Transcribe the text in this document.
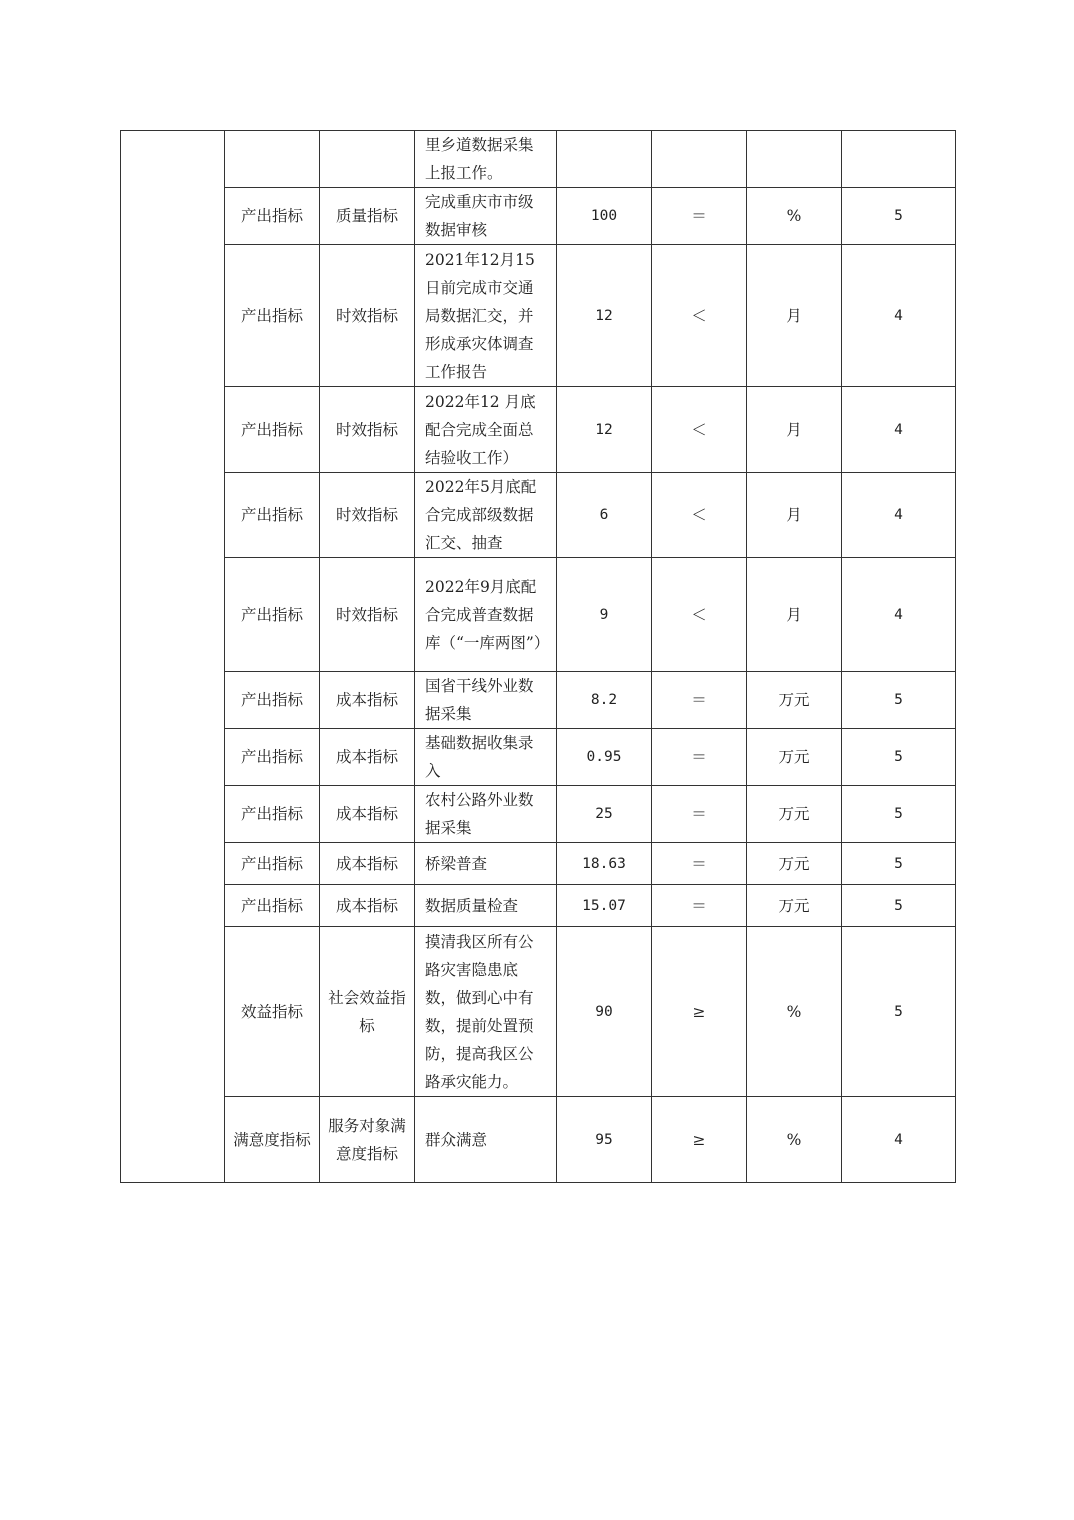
			里乡道数据采集上报工作。				
	产出指标	质量指标	完成重庆市市级数据审核	100	＝	%	5
	产出指标	时效指标	2021年12月15日前完成市交通局数据汇交，并形成承灾体调查工作报告	12	＜	月	4
	产出指标	时效指标	2022年12 月底配合完成全面总结验收工作）	12	＜	月	4
	产出指标	时效指标	2022年5月底配合完成部级数据汇交、抽查	6	＜	月	4
	产出指标	时效指标	2022年9月底配合完成普查数据库（“一库两图”）	9	＜	月	4
	产出指标	成本指标	国省干线外业数据采集	8.2	＝	万元	5
	产出指标	成本指标	基础数据收集录入	0.95	＝	万元	5
	产出指标	成本指标	农村公路外业数据采集	25	＝	万元	5
	产出指标	成本指标	桥梁普查	18.63	＝	万元	5
	产出指标	成本指标	数据质量检查	15.07	＝	万元	5
	效益指标	社会效益指标	摸清我区所有公路灾害隐患底数，做到心中有数，提前处置预防，提高我区公路承灾能力。	90	≥	%	5
	满意度指标	服务对象满意度指标	群众满意	95	≥	%	4
